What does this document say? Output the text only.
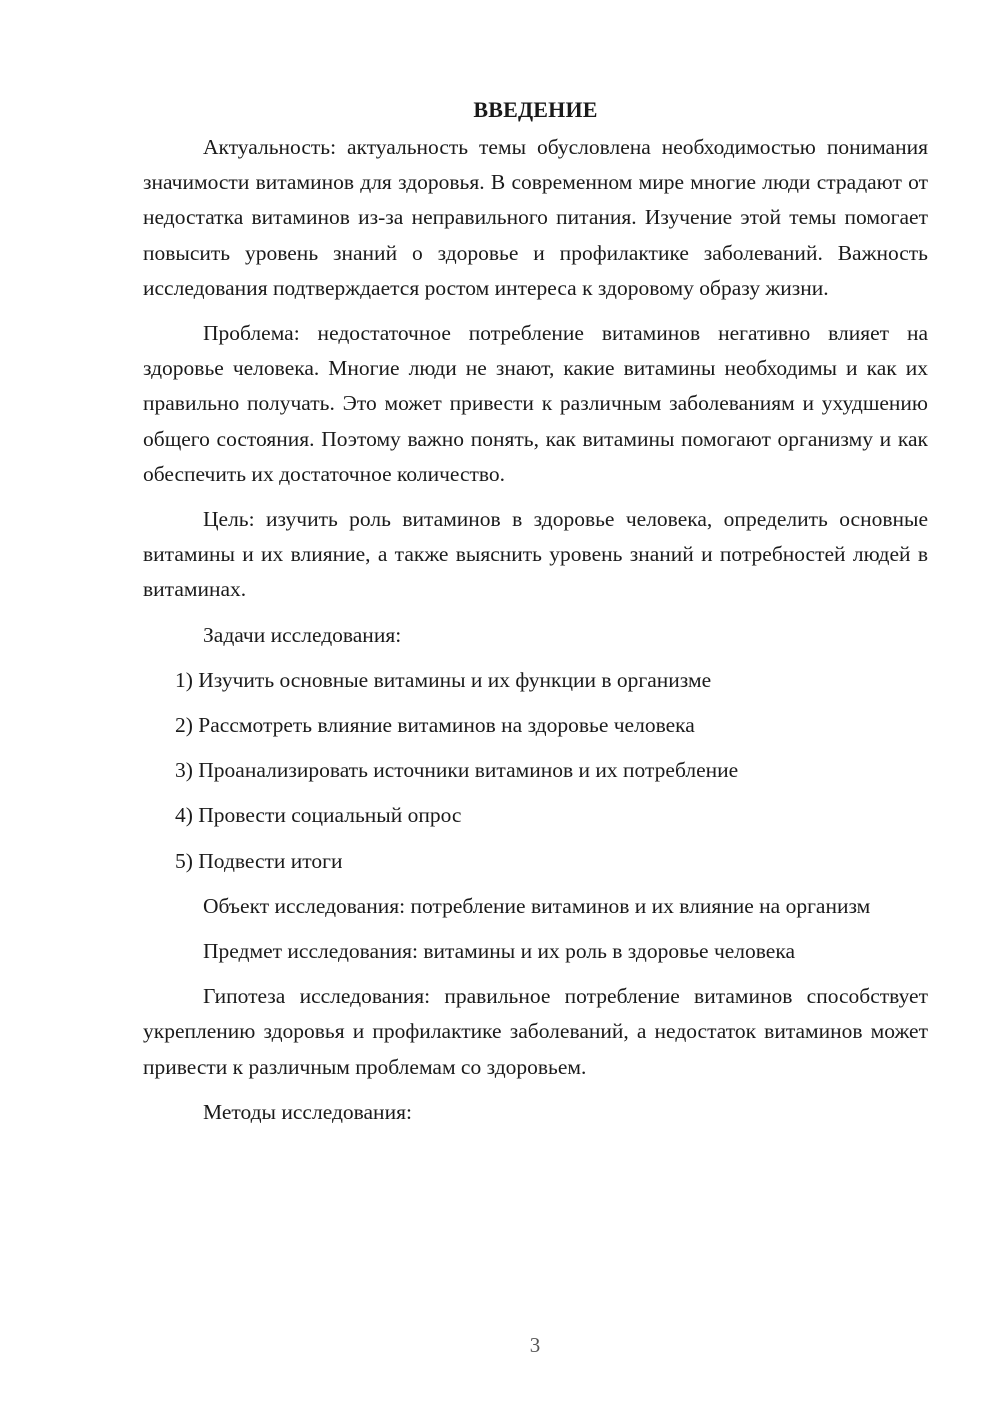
ВВЕДЕНИЕ

Актуальность: актуальность темы обусловлена необходимостью понимания значимости витаминов для здоровья. В современном мире многие люди страдают от недостатка витаминов из-за неправильного питания. Изучение этой темы помогает повысить уровень знаний о здоровье и профилактике заболеваний. Важность исследования подтверждается ростом интереса к здоровому образу жизни.

Проблема: недостаточное потребление витаминов негативно влияет на здоровье человека. Многие люди не знают, какие витамины необходимы и как их правильно получать. Это может привести к различным заболеваниям и ухудшению общего состояния. Поэтому важно понять, как витамины помогают организму и как обеспечить их достаточное количество.

Цель: изучить роль витаминов в здоровье человека, определить основные витамины и их влияние, а также выяснить уровень знаний и потребностей людей в витаминах.

Задачи исследования:

1) Изучить основные витамины и их функции в организме
2) Рассмотреть влияние витаминов на здоровье человека
3) Проанализировать источники витаминов и их потребление
4) Провести социальный опрос
5) Подвести итоги

Объект исследования: потребление витаминов и их влияние на организм

Предмет исследования: витамины и их роль в здоровье человека

Гипотеза исследования: правильное потребление витаминов способствует укреплению здоровья и профилактике заболеваний, а недостаток витаминов может привести к различным проблемам со здоровьем.

Методы исследования:

3
